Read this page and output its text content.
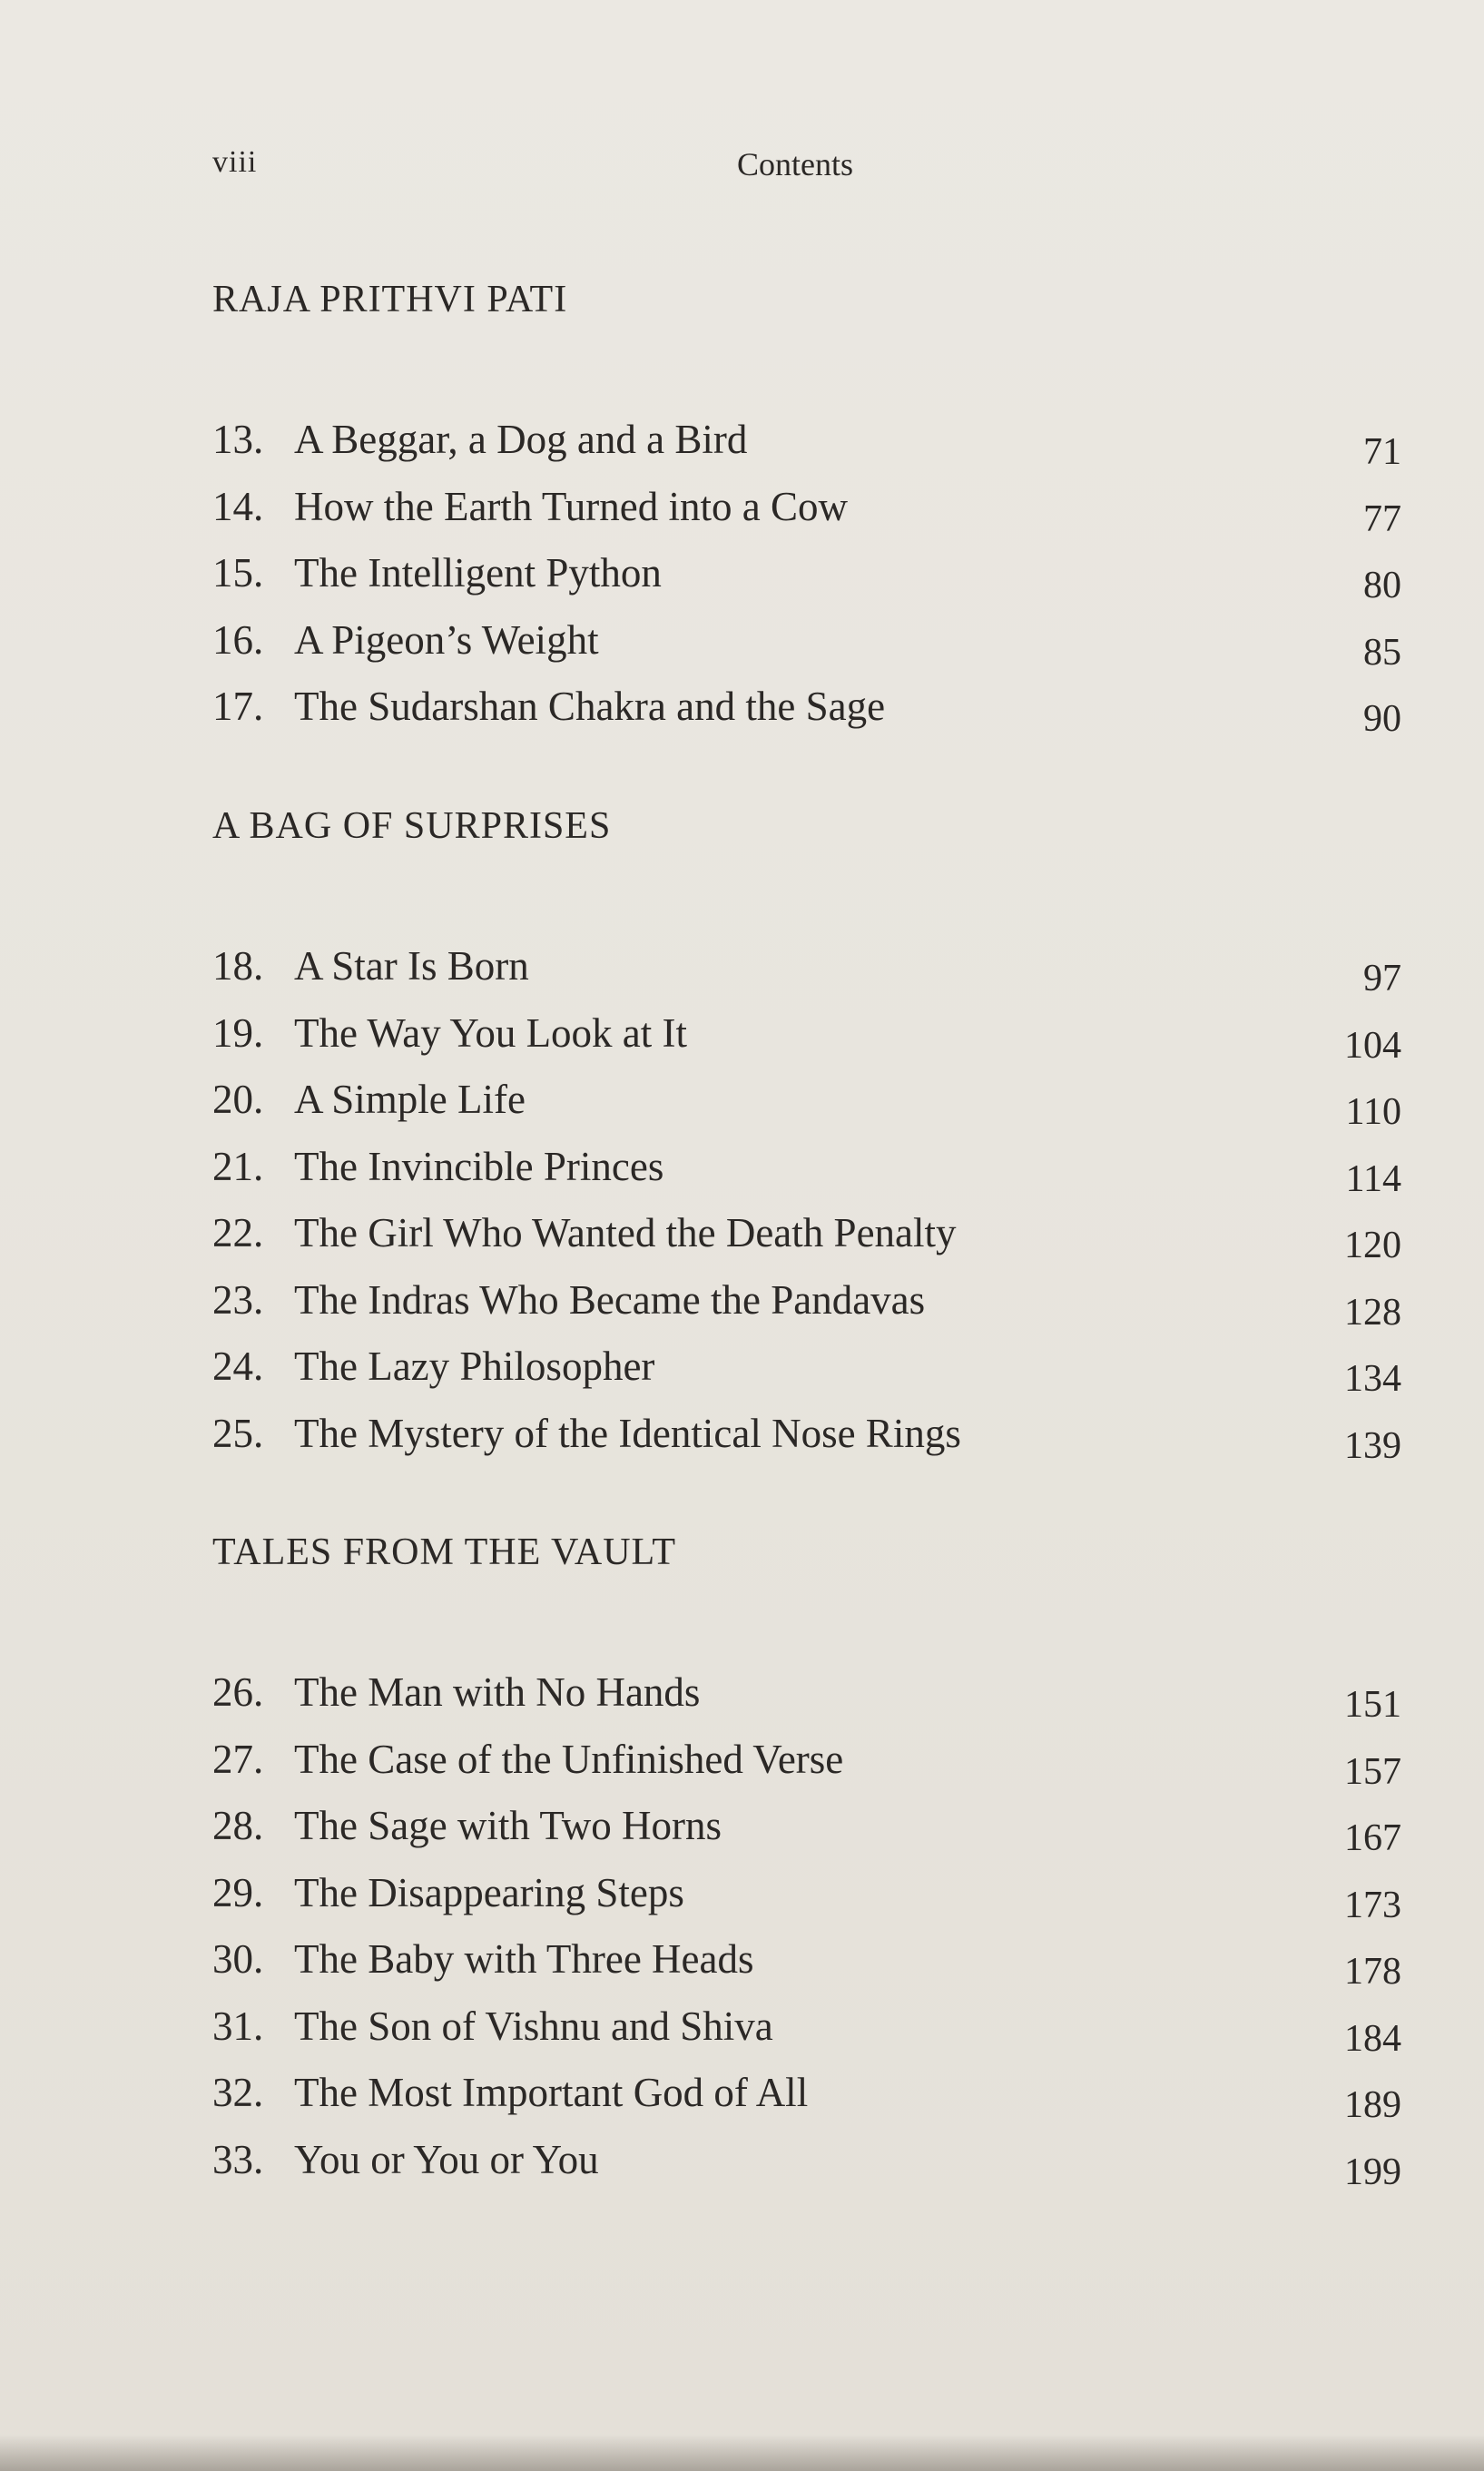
viii	Contents
RAJA PRITHVI PATI
13. A Beggar, a Dog and a Bird	71
14. How the Earth Turned into a Cow	77
15. The Intelligent Python	80
16. A Pigeon’s Weight	85
17. The Sudarshan Chakra and the Sage	90
A BAG OF SURPRISES
18. A Star Is Born	97
19. The Way You Look at It	104
20. A Simple Life	110
21. The Invincible Princes	114
22. The Girl Who Wanted the Death Penalty	120
23. The Indras Who Became the Pandavas	128
24. The Lazy Philosopher	134
25. The Mystery of the Identical Nose Rings	139
TALES FROM THE VAULT
26. The Man with No Hands	151
27. The Case of the Unfinished Verse	157
28. The Sage with Two Horns	167
29. The Disappearing Steps	173
30. The Baby with Three Heads	178
31. The Son of Vishnu and Shiva	184
32. The Most Important God of All	189
33. You or You or You	199
